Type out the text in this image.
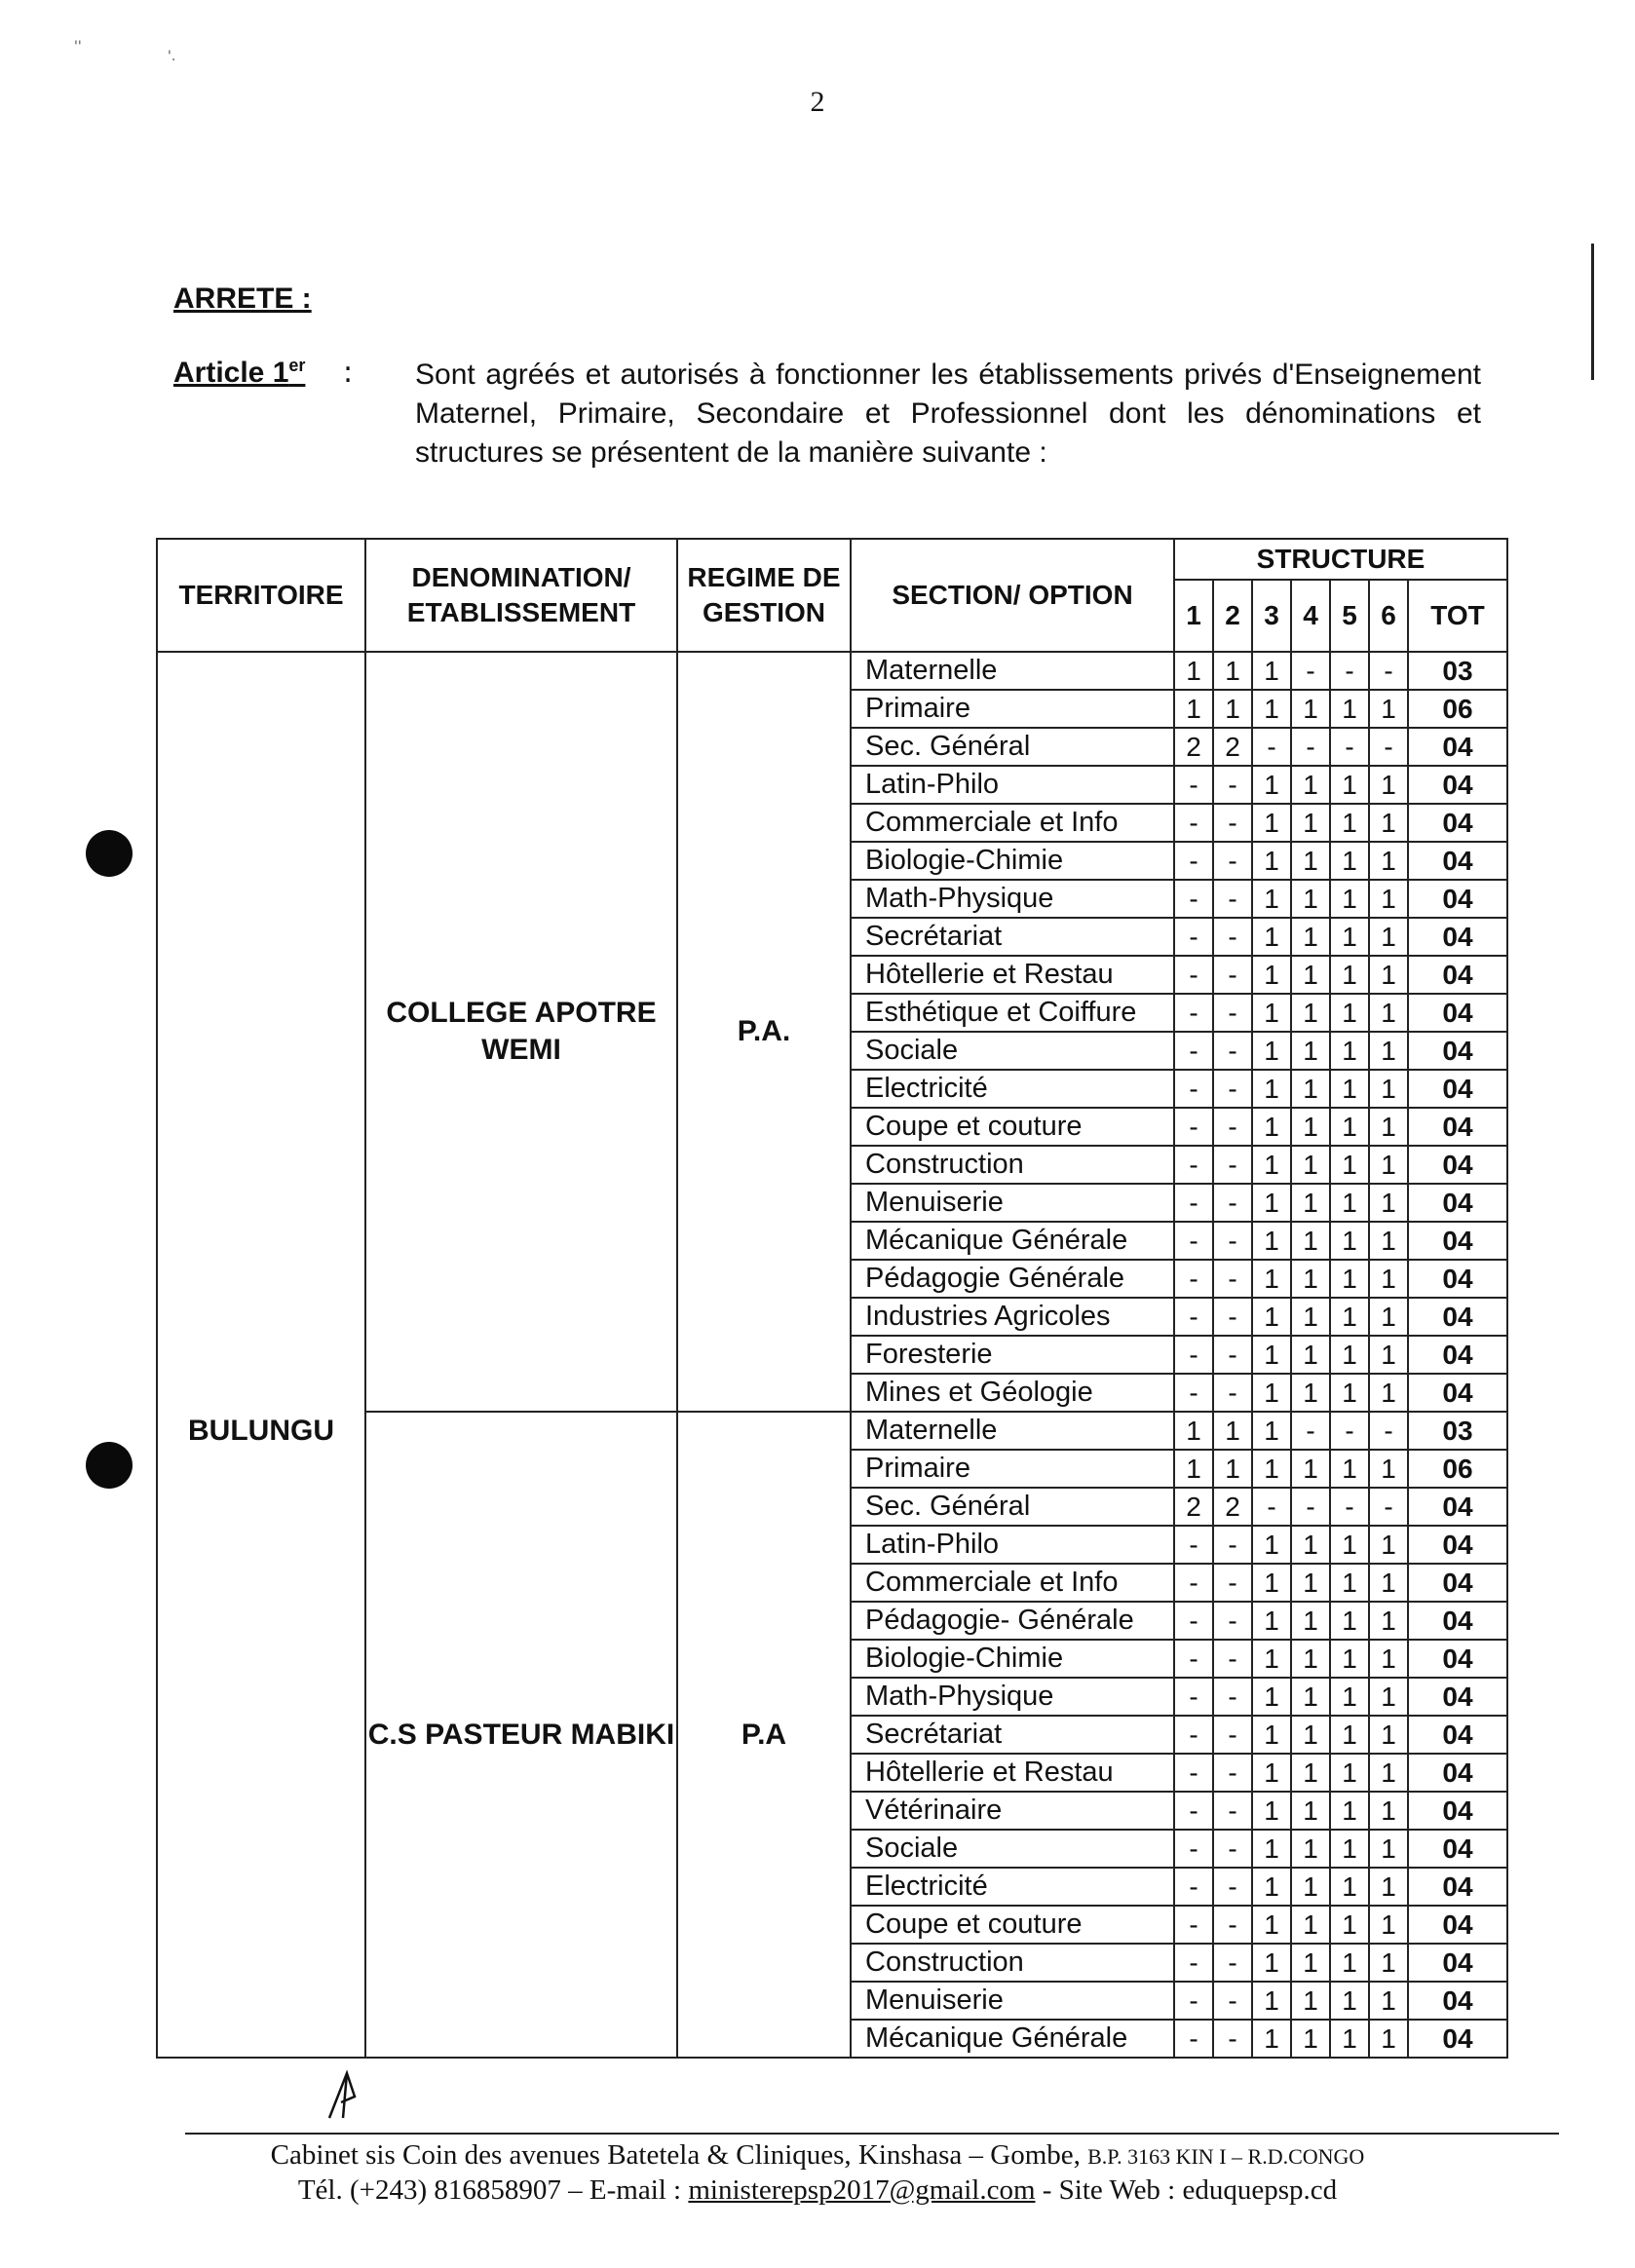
''
'.
2
ARRETE :
Article 1er : Sont agréés et autorisés à fonctionner les établissements privés d'Enseignement Maternel, Primaire, Secondaire et Professionnel dont les dénominations et structures se présentent de la manière suivante :
TERRITOIRE	DENOMINATION/ ETABLISSEMENT	REGIME DE GESTION	SECTION/ OPTION	STRUCTURE						
				1	2	3	4	5	6	TOT
BULUNGU	COLLEGE APOTRE WEMI	P.A.	Maternelle	1	1	1	-	-	-	03
			Primaire	1	1	1	1	1	1	06
			Sec. Général	2	2	-	-	-	-	04
			Latin-Philo	-	-	1	1	1	1	04
			Commerciale et Info	-	-	1	1	1	1	04
			Biologie-Chimie	-	-	1	1	1	1	04
			Math-Physique	-	-	1	1	1	1	04
			Secrétariat	-	-	1	1	1	1	04
			Hôtellerie et Restau	-	-	1	1	1	1	04
			Esthétique et Coiffure	-	-	1	1	1	1	04
			Sociale	-	-	1	1	1	1	04
			Electricité	-	-	1	1	1	1	04
			Coupe et couture	-	-	1	1	1	1	04
			Construction	-	-	1	1	1	1	04
			Menuiserie	-	-	1	1	1	1	04
			Mécanique Générale	-	-	1	1	1	1	04
			Pédagogie Générale	-	-	1	1	1	1	04
			Industries Agricoles	-	-	1	1	1	1	04
			Foresterie	-	-	1	1	1	1	04
			Mines et Géologie	-	-	1	1	1	1	04
	C.S PASTEUR MABIKI	P.A	Maternelle	1	1	1	-	-	-	03
			Primaire	1	1	1	1	1	1	06
			Sec. Général	2	2	-	-	-	-	04
			Latin-Philo	-	-	1	1	1	1	04
			Commerciale et Info	-	-	1	1	1	1	04
			Pédagogie- Générale	-	-	1	1	1	1	04
			Biologie-Chimie	-	-	1	1	1	1	04
			Math-Physique	-	-	1	1	1	1	04
			Secrétariat	-	-	1	1	1	1	04
			Hôtellerie et Restau	-	-	1	1	1	1	04
			Vétérinaire	-	-	1	1	1	1	04
			Sociale	-	-	1	1	1	1	04
			Electricité	-	-	1	1	1	1	04
			Coupe et couture	-	-	1	1	1	1	04
			Construction	-	-	1	1	1	1	04
			Menuiserie	-	-	1	1	1	1	04
			Mécanique Générale	-	-	1	1	1	1	04
Cabinet sis Coin des avenues Batetela & Cliniques, Kinshasa – Gombe, B.P. 3163 KIN I – R.D.CONGO
Tél. (+243) 816858907 – E-mail : ministerepsp2017@gmail.com - Site Web : eduquepsp.cd
